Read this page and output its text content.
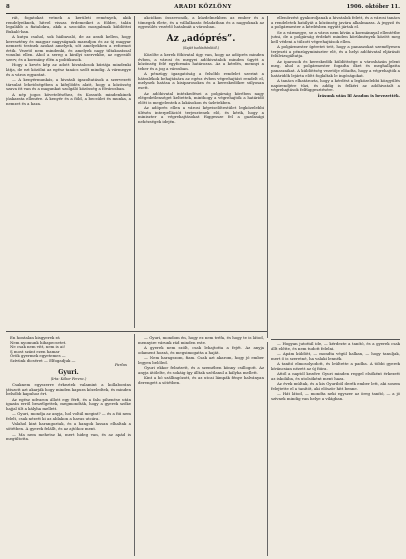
8	ARADI KÖZLÖNY	1906. október 11.

rát, fogatokat vetnek a kerületi remények, akik rendelyeiknek, hitvel vissza érdemeiket a földre, talán legalább a fiatalokra, akik a szociális mozgalmak küldöttei Bukaló-ban.

A kutya csahol, sok hiábavaló, de az aradi kellen, hogy keresztény és magyar nagyságnak maradjon és az új magyar nemzeti testnek azokat amelyek, sőt amelyekben a reformot értik. Vezető nem mindenki, és amelyek nagy tiltakozással vonulni ellen. Ahol a sereg a királyi szervekbe, az egyesült szerv, és a kormány élén a politikusok.

Hogy a kevés kép az adott hivatalosok kúriája mindenki látja, de ezt közölni az egész tanács szólt mindig. A vármegye és a város egyaránt.

— A kenyérmunkás, a hivatali igazoltatások a szervezett társulat lehetőségében a kifejlődés alatt, hogy a közösség szava itt van és a magunkat szolgáló közösség a fővárosban.

A nép jogos követeléséhez, és Kossuth mindenkinek jóakarata ellenére. A kenyér és a föld, a becsület és munka, a nemzet és a haza.

akciókon összevonók, a küzdelmekben az ember és a tömegek élete, és a vállalkozás feladatban és a nagyoknak az egyesülés vezérlő hatalmát a városban.

Az „adóprés”.
(Saját tudósítónktól.)

Közölte a kerek főhivatal úgy van, hogy az adóprés minden évben, a városi és megyei adóhivatalok minden ügyét a közönség felé egyformán határozza. Az a kérdés, mennyi a teher és a jog a városban.

A pénzügy igazgatóság a felsőbb rendelet szerint a hátralékok behajtására az egész évben végrehajtást rendelt el, melynek hatása a kisiparosokra és a kereskedőkre súlyosan esett.

Az adóhivatal intézkedései a polgárság körében nagy elégedetlenséget keltettek, minthogy a végrehajtók a határidő előtt is megjelentek a lakásokon és üzletekben.

Az adóprés ellen a városi képviselőtestület legközelebbi ülésén interpellációt terjesztenek elő, és kérik, hogy a miniszter a végrehajtásokat függessze fel a gazdasági nehézségek idején.

ellenőrzést gyakoroljanak a hivatalok felett, és a városi tanács a rendeletek hatályát a közönség javára alkalmazza. A jegyző és a polgármester a kérdésben együtt jártak el.

Se a vármegye, se a város nem kíván a kormánnyal ellentétbe jutni, de a polgárság érdekét minden körülmények között meg kell védeni a túlzott végrehajtások ellen.

A polgármester ígéretet tett, hogy a panaszokat személyesen terjeszti a pénzügyminiszter elé, és a helyi adóhivatal eljárását felülvizsgáltatja.

Az iparosok és kereskedők küldöttsége a városházán jelent meg, ahol a polgármester fogadta őket és meghallgatta panaszaikat. A küldöttség vezetője előadta, hogy a végrehajtók a határidők lejárta előtt foglaltak le ingóságokat.

A tanács elhatározta, hogy a kérdést a legközelebbi közgyűlés napirendjére tűzi, és addig is felkéri az adóhivatalt a végrehajtások felfüggesztésére.

Írásunk után lil Aradon is bevezették.

Én hontalan kisgyerek rá
Nem nyomunk hibapecsetet.
Ne csak nem vitt, nem is ai!
S most szánt ezen hamar
Őrök gyermek egyetemes —
Szívünk dicséret — Elfogadjuk —
Parlas
Gyuri.
(Irta: Kóbor Ferenc.)

Csaknem egyszerre érkeztek valamint a kollaboráns játszott azt akarják hogy minden kapura közeledtek, és minden belsőbb kapuhoz ért.

Az egész udvaron állott egy férfi, és a falu pihenése után igazán erről beszélgettek, megmondták, hogy a gyerek szőke hajjal ült a kályha mellett.

— Gyuri, mondja az anyja, hol voltál megint? — és a fiú nem felelt, csak nézett ki az ablakon a havas utcára.

Valahol kint harangoztak, és a hangok lassan elhaltak a sötétben. A gyerek felállt, és az ajtóhoz ment.

— Ma nem mehetsz ki, mert hideg van, és az apád is megtiltotta.

— Gyuri, mondom én, hogy ez nem tréfa, és hogy te is látod, mennyire várunk rád minden este.

A gyerek nem szólt, csak lehajtotta a fejét. Az anyja odament hozzá, és megsimogatta a haját.

— Nem haragszom, fiam. Csak azt akarom, hogy jó ember legyen belőled.

Gyuri ekkor felnézett, és a szemében könny csillogott. Az anyja átölelte, és sokáig így álltak szótlanul a kályha mellett.

Kint a hó szállingózott, és az utcai lámpák fénye halványan derengett a sötétben.

— Hogyan jutottál ide, — kérdezte a tanító, és a gyerek csak állt előtte, és nem tudott felelni.

— Apám küldött, — mondta végül halkan, — hogy tanuljak, mert ő is szeretné, ha valaki lennék.

A tanító elmosolyodott, és leültette a padba. A többi gyerek kíváncsian nézett az új fiúra.

Attól a naptól kezdve Gyuri minden reggel elsőként érkezett az iskolába, és utolsóként ment haza.

Az évek múltak, és a kis Gyuriból derék ember lett, aki sosem felejtette el a tanítót, aki először hitt benne.

— Hát látod, — mondta neki egyszer az öreg tanító, — a jó szívnek mindig van helye a világban.
